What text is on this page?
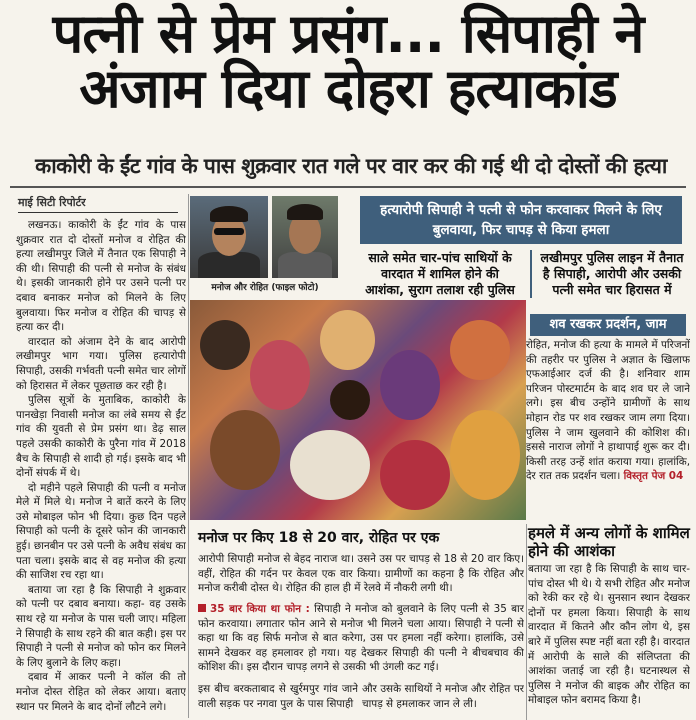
पत्नी से प्रेम प्रसंग... सिपाही ने
अंजाम दिया दोहरा हत्याकांड
काकोरी के ईंट गांव के पास शुक्रवार रात गले पर वार कर की गई थी दो दोस्तों की हत्या
माई सिटी रिपोर्टर

लखनऊ। काकोरी के ईंट गांव के पास शुक्रवार रात दो दोस्तों मनोज व रोहित की हत्या लखीमपुर जिले में तैनात एक सिपाही ने की थी। सिपाही की पत्नी से मनोज के संबंध थे। इसकी जानकारी होने पर उसने पत्नी पर दबाव बनाकर मनोज को मिलने के लिए बुलवाया। फिर मनोज व रोहित की चापड़ से हत्या कर दी।

वारदात को अंजाम देने के बाद आरोपी लखीमपुर भाग गया। पुलिस हत्यारोपी सिपाही, उसकी गर्भवती पत्नी समेत चार लोगों को हिरासत में लेकर पूछताछ कर रही है।

पुलिस सूत्रों के मुताबिक, काकोरी के पानखेड़ा निवासी मनोज का लंबे समय से ईंट गांव की युवती से प्रेम प्रसंग था। डेढ़ साल पहले उसकी काकोरी के पुरैना गांव में 2018 बैच के सिपाही से शादी हो गई। इसके बाद भी दोनों संपर्क में थे।

दो महीने पहले सिपाही की पत्नी व मनोज मेले में मिले थे। मनोज ने बातें करने के लिए उसे मोबाइल फोन भी दिया। कुछ दिन पहले सिपाही को पत्नी के दूसरे फोन की जानकारी हुई। छानबीन पर उसे पत्नी के अवैध संबंध का पता चला। इसके बाद से वह मनोज की हत्या की साजिश रच रहा था।

बताया जा रहा है कि सिपाही ने शुक्रवार को पत्नी पर दबाव बनाया। कहा- वह उसके साथ रहे या मनोज के पास चली जाए। महिला ने सिपाही के साथ रहने की बात कही। इस पर सिपाही ने पत्नी से मनोज को फोन कर मिलने के लिए बुलाने के लिए कहा।

दबाव में आकर पत्नी ने कॉल की तो मनोज दोस्त रोहित को लेकर आया। बताए स्थान पर मिलने के बाद दोनों लौटने लगे।

मनोज और रोहित (फाइल फोटो)
हत्यारोपी सिपाही ने पत्नी से फोन करवाकर मिलने के लिए बुलवाया, फिर चापड़ से किया हमला
साले समेत चार-पांच साथियों के वारदात में शामिल होने की आशंका, सुराग तलाश रही पुलिस
लखीमपुर पुलिस लाइन में तैनात है सिपाही, आरोपी और उसकी पत्नी समेत चार हिरासत में
शव रखकर प्रदर्शन, जाम
रोहित, मनोज की हत्या के मामले में परिजनों की तहरीर पर पुलिस ने अज्ञात के खिलाफ एफआईआर दर्ज की है। शनिवार शाम परिजन पोस्टमार्टम के बाद शव घर ले जाने लगे। इस बीच उन्होंने ग्रामीणों के साथ मोहान रोड पर शव रखकर जाम लगा दिया। पुलिस ने जाम खुलवाने की कोशिश की। इससे नाराज लोगों ने हाथापाई शुरू कर दी। किसी तरह उन्हें शांत कराया गया। हालांकि, देर रात तक प्रदर्शन चला। विस्तृत पेज 04
मनोज पर किए 18 से 20 वार, रोहित पर एक
आरोपी सिपाही मनोज से बेहद नाराज था। उसने उस पर चापड़ से 18 से 20 वार किए। वहीं, रोहित की गर्दन पर केवल एक वार किया। ग्रामीणों का कहना है कि रोहित और मनोज करीबी दोस्त थे। रोहित की हाल ही में रेलवे में नौकरी लगी थी।
35 बार किया था फोन : सिपाही ने मनोज को बुलवाने के लिए पत्नी से 35 बार फोन करवाया। लगातार फोन आने से मनोज भी मिलने चला आया। सिपाही ने पत्नी से कहा था कि वह सिर्फ मनोज से बात करेगा, उस पर हमला नहीं करेगा। हालांकि, उसे सामने देखकर वह हमलावर हो गया। यह देखकर सिपाही की पत्नी ने बीचबचाव की कोशिश की। इस दौरान चापड़ लगने से उसकी भी उंगली कट गई।
इस बीच बरकताबाद से खुर्रमपुर गांव जाने वाली सड़क पर नगवा पुल के पास सिपाही
और उसके साथियों ने मनोज और रोहित पर चापड़ से हमलाकर जान ले ली।
हमले में अन्य लोगों के शामिल होने की आशंका
बताया जा रहा है कि सिपाही के साथ चार-पांच दोस्त भी थे। ये सभी रोहित और मनोज को रेकी कर रहे थे। सुनसान स्थान देखकर दोनों पर हमला किया। सिपाही के साथ वारदात में कितने और कौन लोग थे, इस बारे में पुलिस स्पष्ट नहीं बता रही है। वारदात में आरोपी के साले की संलिप्तता की आशंका जताई जा रही है। घटनास्थल से पुलिस ने मनोज की बाइक और रोहित का मोबाइल फोन बरामद किया है।
